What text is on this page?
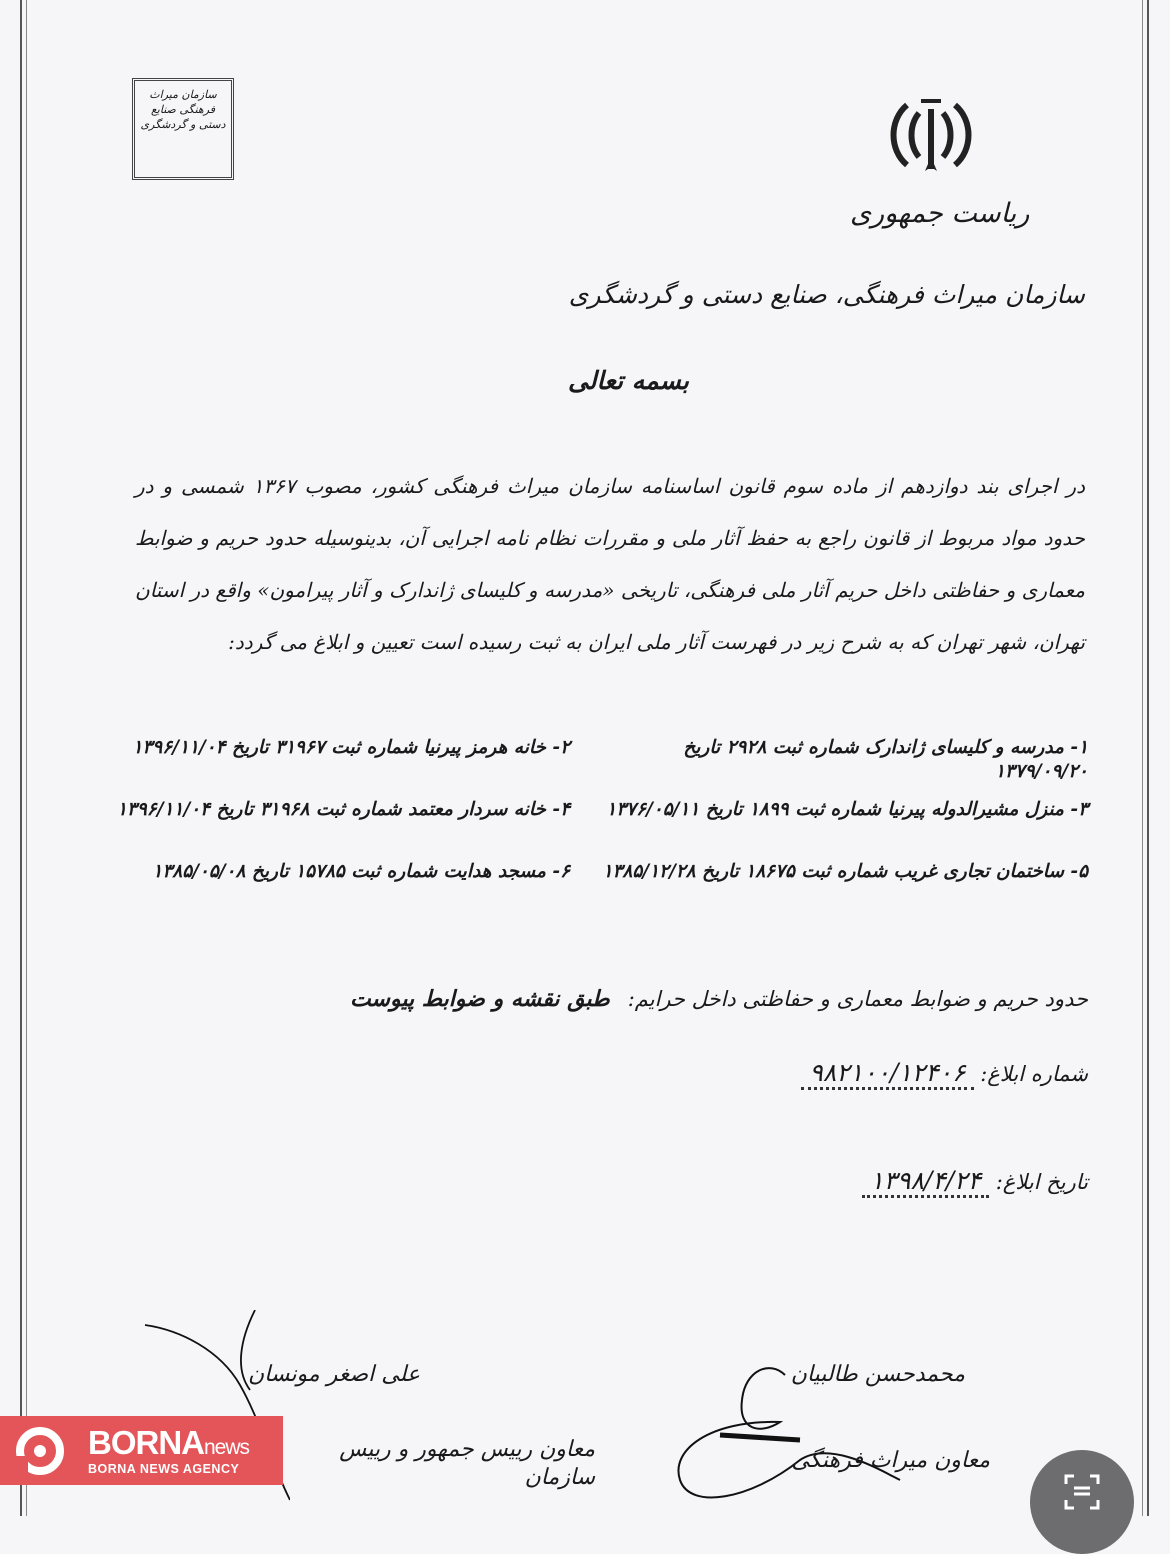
سازمان میراث فرهنگی صنایع دستی و گردشگری
ریاست جمهوری
سازمان میراث فرهنگی، صنایع دستی و گردشگری
بسمه تعالی
در اجرای بند دوازدهم از ماده سوم قانون اساسنامه سازمان میراث فرهنگی کشور، مصوب ۱۳۶۷ شمسی و در حدود مواد مربوط از قانون راجع به حفظ آثار ملی و مقررات نظام نامه اجرایی آن، بدینوسیله حدود حریم و ضوابط معماری و حفاظتی داخل حریم آثار ملی فرهنگی، تاریخی «مدرسه و کلیسای ژاندارک و آثار پیرامون» واقع در استان تهران، شهر تهران که به شرح زیر در فهرست آثار ملی ایران به ثبت رسیده است تعیین و ابلاغ می گردد:
۱- مدرسه و کلیسای ژاندارک شماره ثبت ۲۹۲۸ تاریخ ۱۳۷۹/۰۹/۲۰
۲- خانه هرمز پیرنیا شماره ثبت ۳۱۹۶۷ تاریخ ۱۳۹۶/۱۱/۰۴
۳- منزل مشیرالدوله پیرنیا شماره ثبت ۱۸۹۹ تاریخ ۱۳۷۶/۰۵/۱۱
۴- خانه سردار معتمد شماره ثبت ۳۱۹۶۸ تاریخ ۱۳۹۶/۱۱/۰۴
۵- ساختمان تجاری غریب شماره ثبت ۱۸۶۷۵ تاریخ ۱۳۸۵/۱۲/۲۸
۶- مسجد هدایت شماره ثبت ۱۵۷۸۵ تاریخ ۱۳۸۵/۰۵/۰۸
حدود حریم و ضوابط معماری و حفاظتی داخل حرایم:طبق نقشه و ضوابط پیوست
شماره ابلاغ: ۹۸۲۱۰۰/۱۲۴۰۶
تاریخ ابلاغ: ۱۳۹۸/۴/۲۴
محمدحسن طالبیان
معاون میراث فرهنگی
علی اصغر مونسان
معاون رییس جمهور و رییس سازمان
BORNAnews
BORNA NEWS AGENCY
